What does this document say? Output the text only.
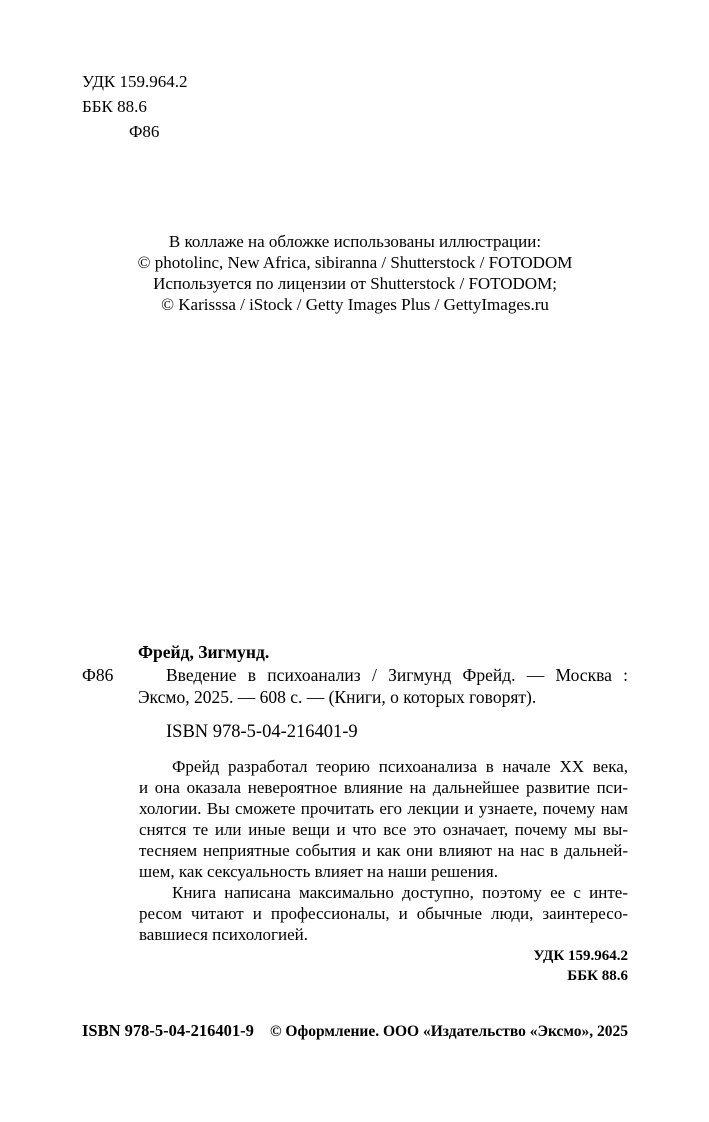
УДК 159.964.2
ББК 88.6
Ф86
В коллаже на обложке использованы иллюстрации:
© photolinc, New Africa, sibiranna / Shutterstock / FOTODOM
Используется по лицензии от Shutterstock / FOTODOM;
© Karisssa / iStock / Getty Images Plus / GettyImages.ru
Фрейд, Зигмунд.
Ф86	Введение в психоанализ / Зигмунд Фрейд. — Москва :
Эксмо, 2025. — 608 с. — (Книги, о которых говорят).
ISBN 978-5-04-216401-9
Фрейд разработал теорию психоанализа в начале XX века,
и она оказала невероятное влияние на дальнейшее развитие пси-
хологии. Вы сможете прочитать его лекции и узнаете, почему нам
снятся те или иные вещи и что все это означает, почему мы вы-
тесняем неприятные события и как они влияют на нас в дальней-
шем, как сексуальность влияет на наши решения.
Книга написана максимально доступно, поэтому ее с инте-
ресом читают и профессионалы, и обычные люди, заинтересо-
вавшиеся психологией.
УДК 159.964.2
ББК 88.6
ISBN 978-5-04-216401-9 © Оформление. ООО «Издательство «Эксмо», 2025
